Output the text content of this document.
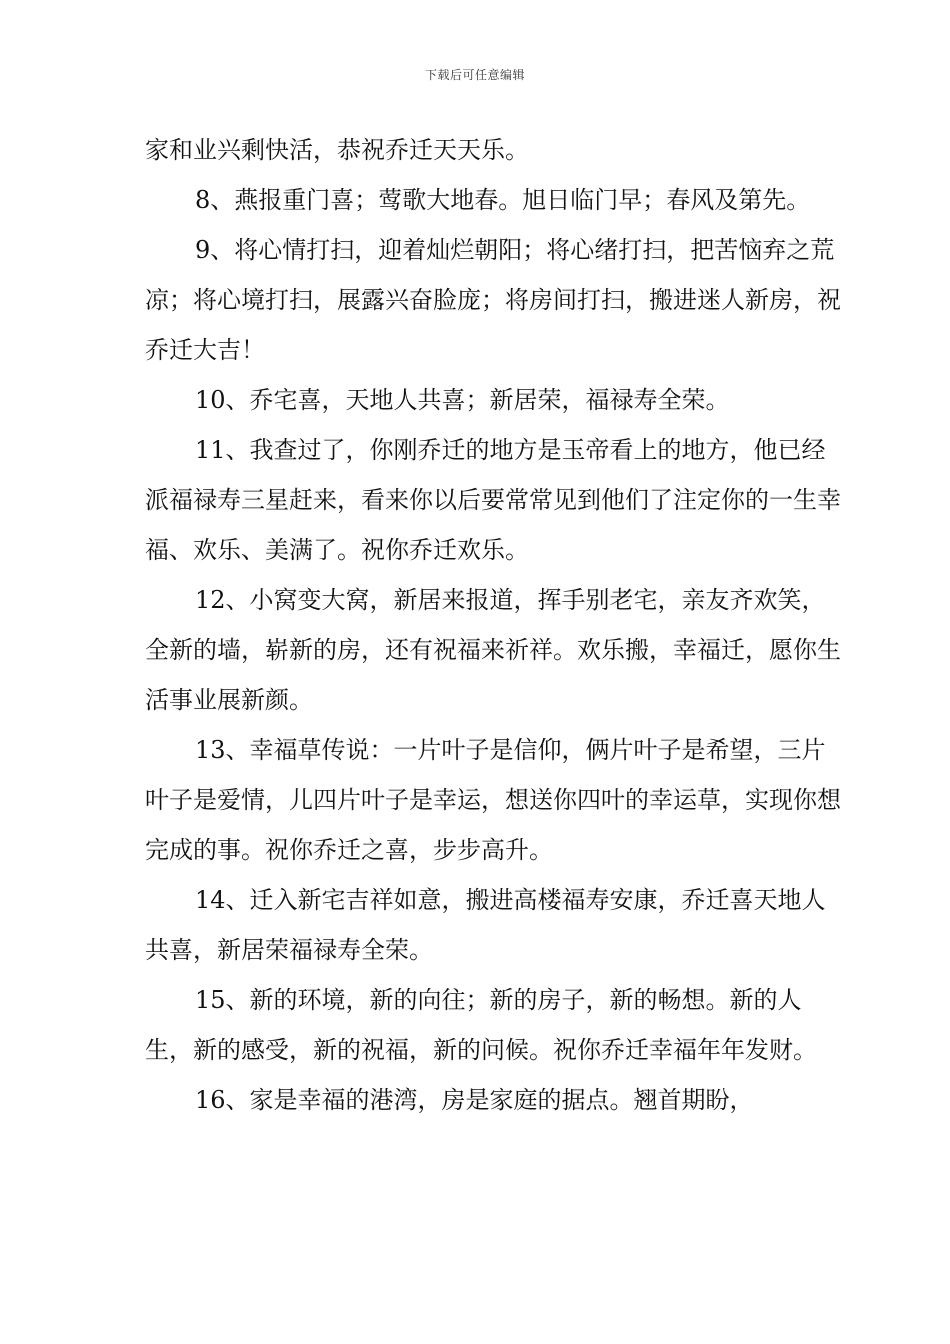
下载后可任意编辑

家和业兴剩快活，恭祝乔迁天天乐。

8、燕报重门喜；莺歌大地春。旭日临门早；春风及第先。

9、将心情打扫，迎着灿烂朝阳；将心绪打扫，把苦恼弃之荒凉；将心境打扫，展露兴奋脸庞；将房间打扫，搬进迷人新房，祝乔迁大吉！

10、乔宅喜，天地人共喜；新居荣，福禄寿全荣。

11、我查过了，你刚乔迁的地方是玉帝看上的地方，他已经派福禄寿三星赶来，看来你以后要常常见到他们了注定你的一生幸福、欢乐、美满了。祝你乔迁欢乐。

12、小窝变大窝，新居来报道，挥手别老宅，亲友齐欢笑，全新的墙，崭新的房，还有祝福来祈祥。欢乐搬，幸福迁，愿你生活事业展新颜。

13、幸福草传说：一片叶子是信仰，俩片叶子是希望，三片叶子是爱情，儿四片叶子是幸运，想送你四叶的幸运草，实现你想完成的事。祝你乔迁之喜，步步高升。

14、迁入新宅吉祥如意，搬进高楼福寿安康，乔迁喜天地人共喜，新居荣福禄寿全荣。

15、新的环境，新的向往；新的房子，新的畅想。新的人生，新的感受，新的祝福，新的问候。祝你乔迁幸福年年发财。

16、家是幸福的港湾，房是家庭的据点。翘首期盼，
